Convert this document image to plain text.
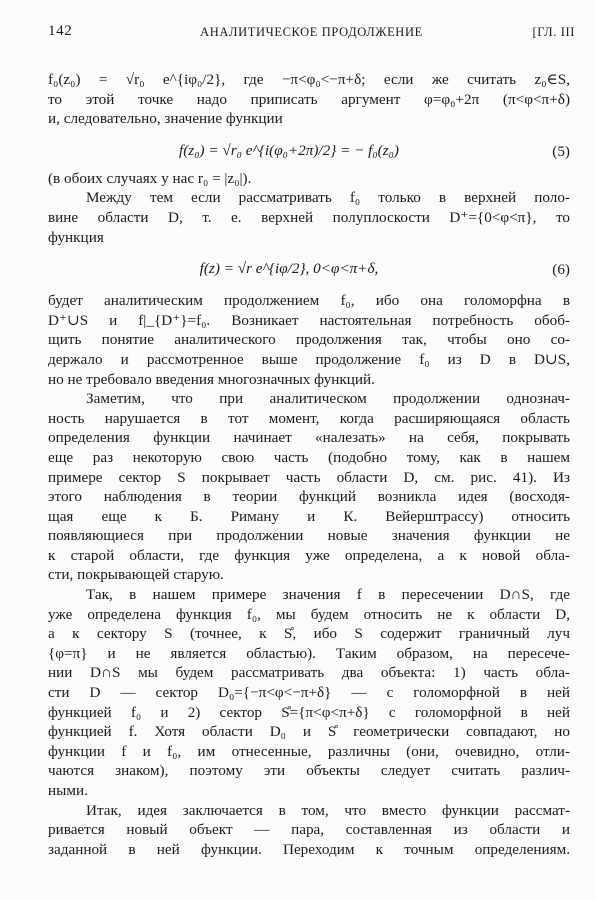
142	АНАЛИТИЧЕСКОЕ ПРОДОЛЖЕНИЕ	[ГЛ. III
f₀(z₀) = √r₀ e^{iφ₀/2}, где −π<φ₀<−π+δ; если же считать z₀∈S,
то этой точке надо приписать аргумент φ=φ₀+2π (π<φ<π+δ)
и, следовательно, значение функции
f(z₀) = √r₀ e^{i(φ₀+2π)/2} = − f₀(z₀)	(5)
(в обоих случаях у нас r₀ = |z₀|).
Между тем если рассматривать f₀ только в верхней поло-
вине области D, т. е. верхней полуплоскости D⁺={0<φ<π}, то
функция
f(z) = √r e^{iφ/2}, 0<φ<π+δ,	(6)
будет аналитическим продолжением f₀, ибо она голоморфна в
D⁺∪S и f|_{D⁺}=f₀. Возникает настоятельная потребность обоб-
щить понятие аналитического продолжения так, чтобы оно со-
держало и рассмотренное выше продолжение f₀ из D в D∪S,
но не требовало введения многозначных функций.
Заметим, что при аналитическом продолжении однознач-
ность нарушается в тот момент, когда расширяющаяся область
определения функции начинает «налезать» на себя, покрывать
еще раз некоторую свою часть (подобно тому, как в нашем
примере сектор S покрывает часть области D, см. рис. 41). Из
этого наблюдения в теории функций возникла идея (восходя-
щая еще к Б. Риману и К. Вейерштрассу) относить
появляющиеся при продолжении новые значения функции не
к старой области, где функция уже определена, а к новой обла-
сти, покрывающей старую.
Так, в нашем примере значения f в пересечении D∩S, где
уже определена функция f₀, мы будем относить не к области D,
а к сектору S (точнее, к S̊, ибо S содержит граничный луч
{φ=π} и не является областью). Таким образом, на пересече-
нии D∩S мы будем рассматривать два объекта: 1) часть обла-
сти D — сектор D₀={−π<φ<−π+δ} — с голоморфной в ней
функцией f₀ и 2) сектор S̊={π<φ<π+δ} с голоморфной в ней
функцией f. Хотя области D₀ и S̊ геометрически совпадают, но
функции f и f₀, им отнесенные, различны (они, очевидно, отли-
чаются знаком), поэтому эти объекты следует считать различ-
ными.
Итак, идея заключается в том, что вместо функции рассмат-
ривается новый объект — пара, составленная из области и
заданной в ней функции. Переходим к точным определениям.
